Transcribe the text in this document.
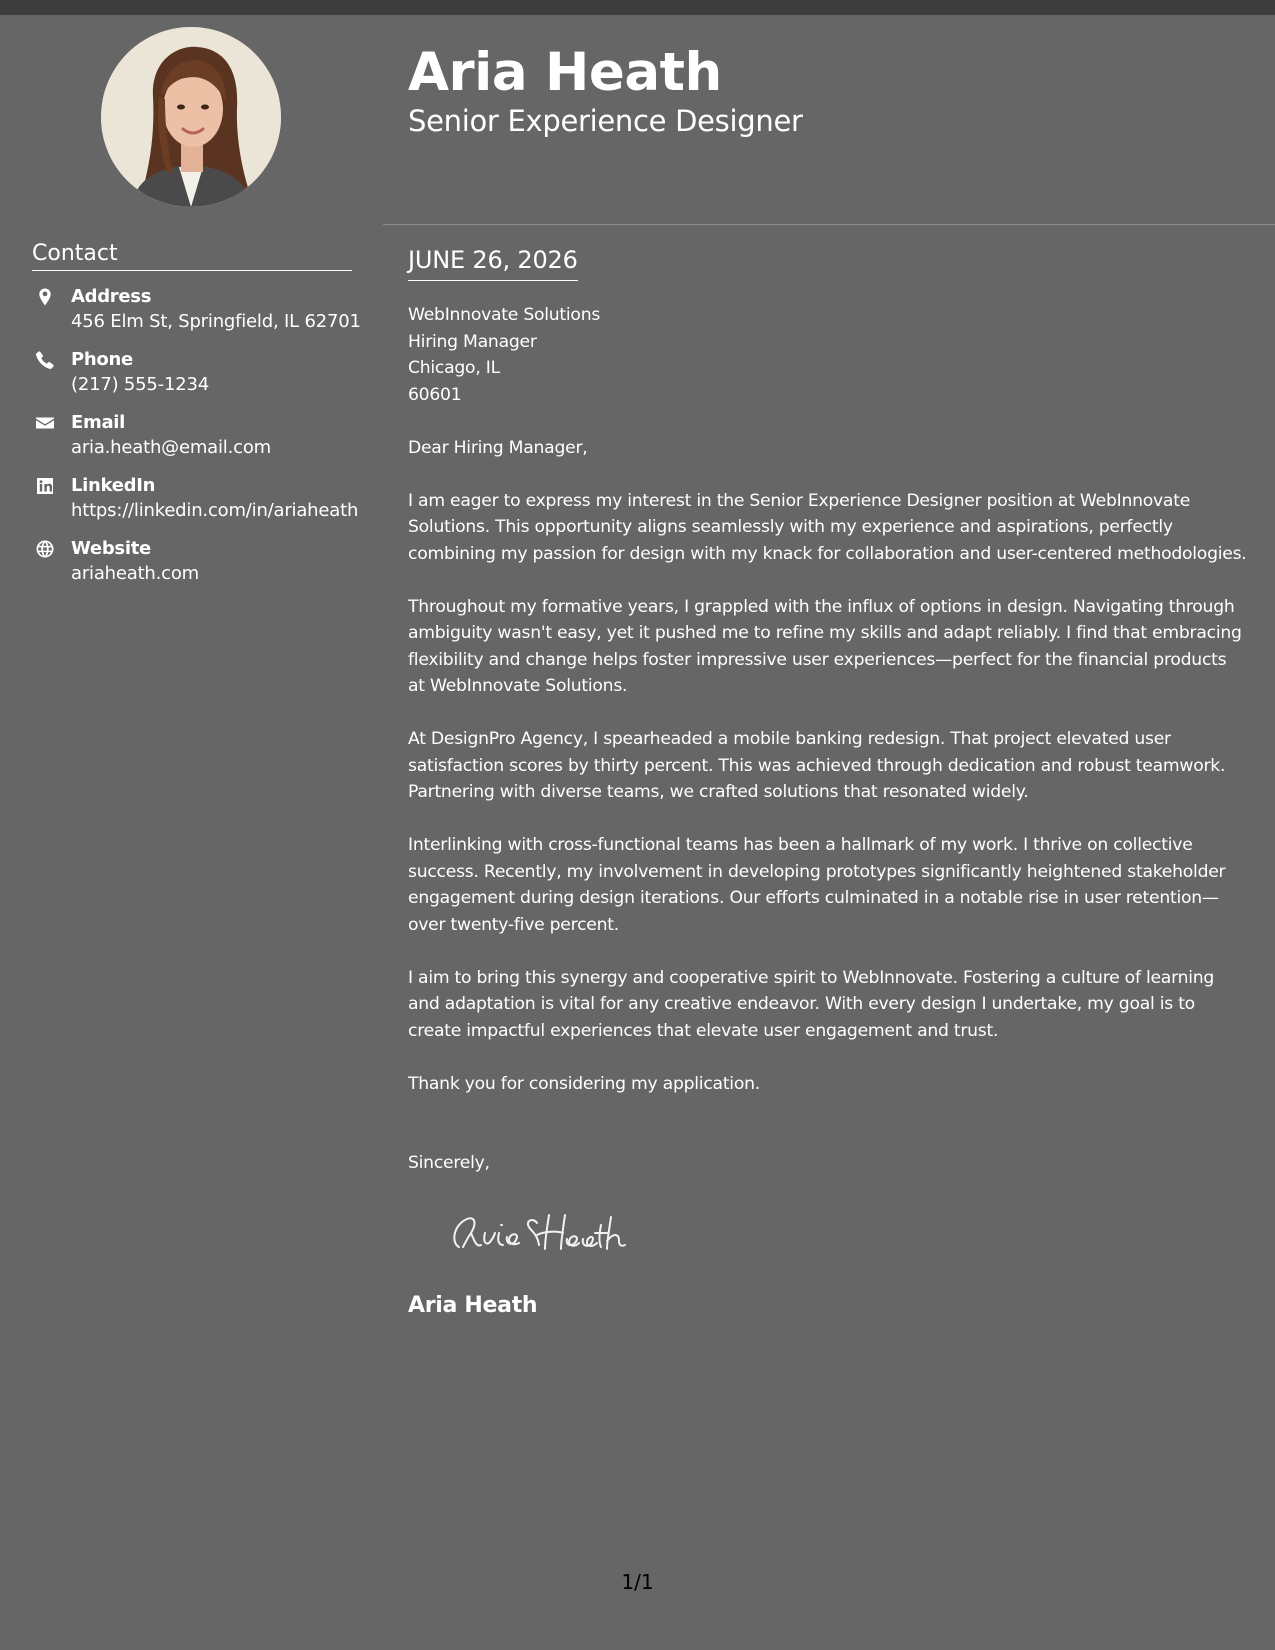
Contact
Address
456 Elm St, Springfield, IL 62701
Phone
(217) 555-1234
Email
aria.heath@email.com
LinkedIn
https://linkedin.com/in/ariaheath
Website
ariaheath.com
Aria Heath
Senior Experience Designer
JUNE 26, 2026
WebInnovate Solutions
Hiring Manager
Chicago, IL
60601

Dear Hiring Manager,

I am eager to express my interest in the Senior Experience Designer position at WebInnovate Solutions. This opportunity aligns seamlessly with my experience and aspirations, perfectly combining my passion for design with my knack for collaboration and user-centered methodologies.

Throughout my formative years, I grappled with the influx of options in design. Navigating through ambiguity wasn't easy, yet it pushed me to refine my skills and adapt reliably. I find that embracing flexibility and change helps foster impressive user experiences—perfect for the financial products at WebInnovate Solutions.

At DesignPro Agency, I spearheaded a mobile banking redesign. That project elevated user satisfaction scores by thirty percent. This was achieved through dedication and robust teamwork. Partnering with diverse teams, we crafted solutions that resonated widely.

Interlinking with cross-functional teams has been a hallmark of my work. I thrive on collective success. Recently, my involvement in developing prototypes significantly heightened stakeholder engagement during design iterations. Our efforts culminated in a notable rise in user retention—over twenty-five percent.

I aim to bring this synergy and cooperative spirit to WebInnovate. Fostering a culture of learning and adaptation is vital for any creative endeavor. With every design I undertake, my goal is to create impactful experiences that elevate user engagement and trust.

Thank you for considering my application.

Sincerely,

Aria Heath
1/1
